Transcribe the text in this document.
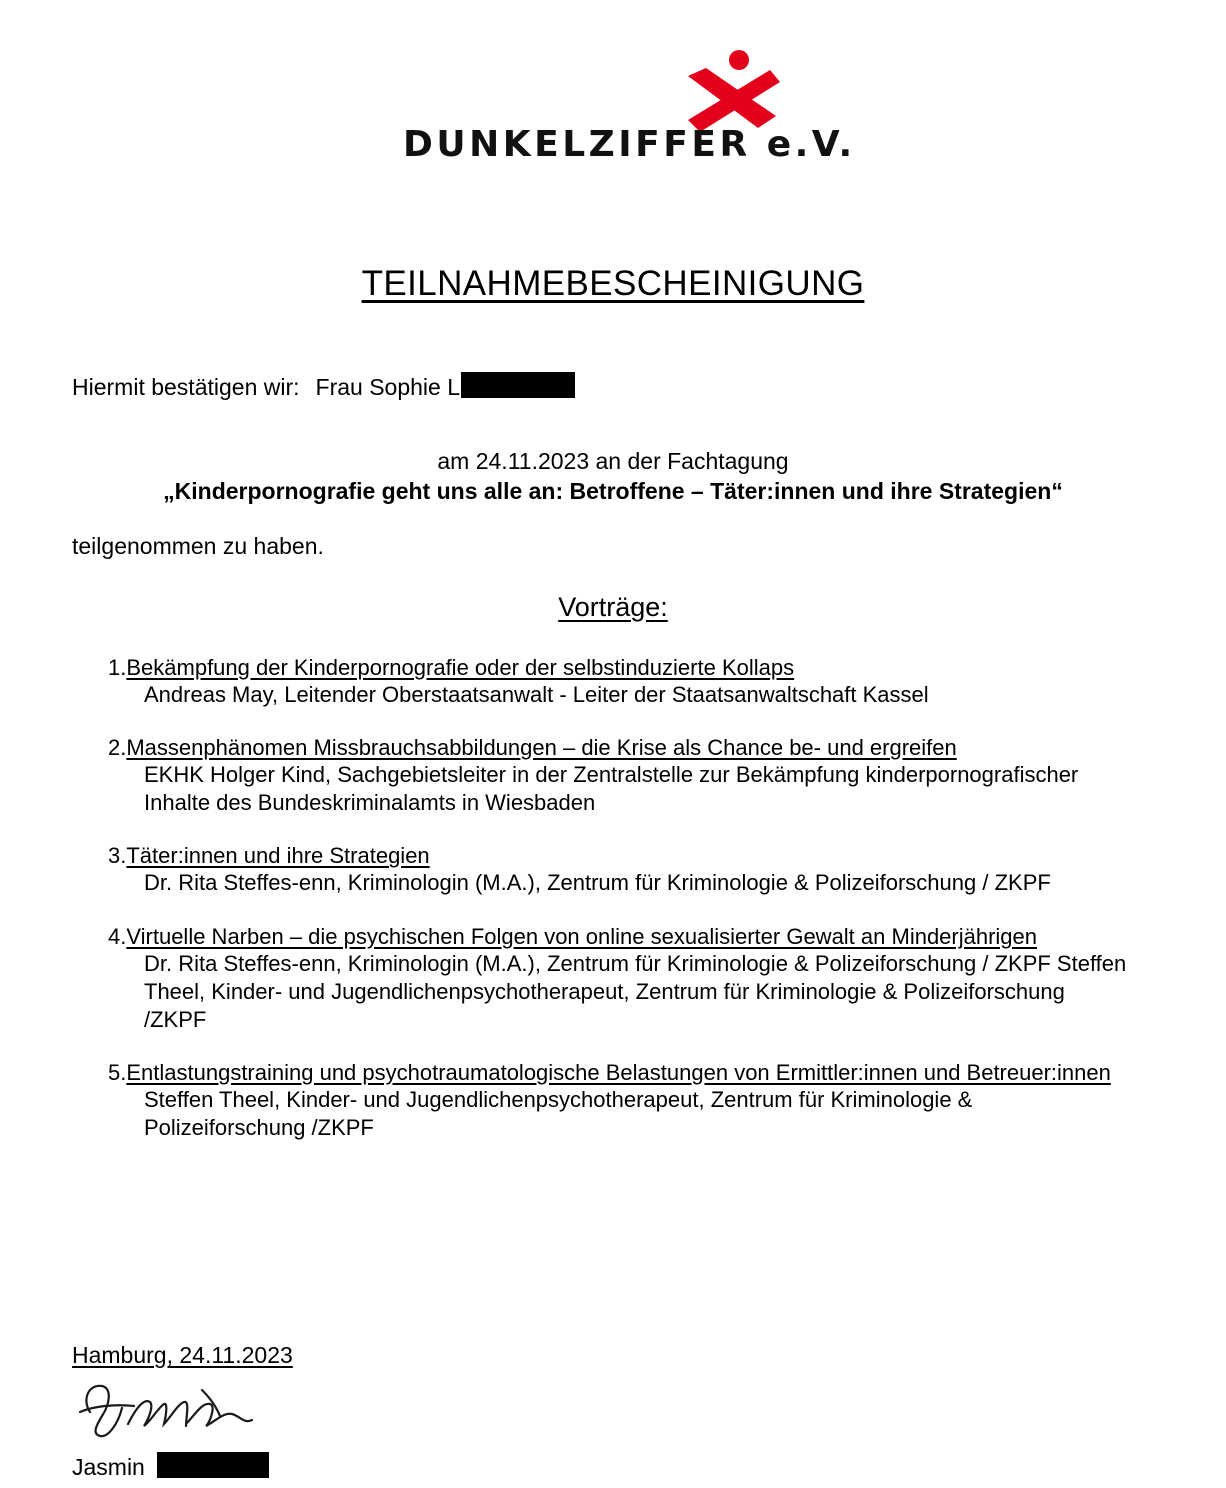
DUNKELZIFFER e.V.
TEILNAHMEBESCHEINIGUNG
Hiermit bestätigen wir: Frau Sophie L
am 24.11.2023 an der Fachtagung
„Kinderpornografie geht uns alle an: Betroffene – Täter:innen und ihre Strategien“
teilgenommen zu haben.
Vorträge:
1.Bekämpfung der Kinderpornografie oder der selbstinduzierte Kollaps
Andreas May, Leitender Oberstaatsanwalt - Leiter der Staatsanwaltschaft Kassel
2.Massenphänomen Missbrauchsabbildungen – die Krise als Chance be- und ergreifen
EKHK Holger Kind, Sachgebietsleiter in der Zentralstelle zur Bekämpfung kinderpornografischer Inhalte des Bundeskriminalamts in Wiesbaden
3.Täter:innen und ihre Strategien
Dr. Rita Steffes-enn, Kriminologin (M.A.), Zentrum für Kriminologie & Polizeiforschung / ZKPF
4.Virtuelle Narben – die psychischen Folgen von online sexualisierter Gewalt an Minderjährigen
Dr. Rita Steffes-enn, Kriminologin (M.A.), Zentrum für Kriminologie & Polizeiforschung / ZKPF Steffen Theel, Kinder- und Jugendlichenpsychotherapeut, Zentrum für Kriminologie & Polizeiforschung /ZKPF
5.Entlastungstraining und psychotraumatologische Belastungen von Ermittler:innen und Betreuer:innen
Steffen Theel, Kinder- und Jugendlichenpsychotherapeut, Zentrum für Kriminologie & Polizeiforschung /ZKPF
Hamburg, 24.11.2023
Jasmin
